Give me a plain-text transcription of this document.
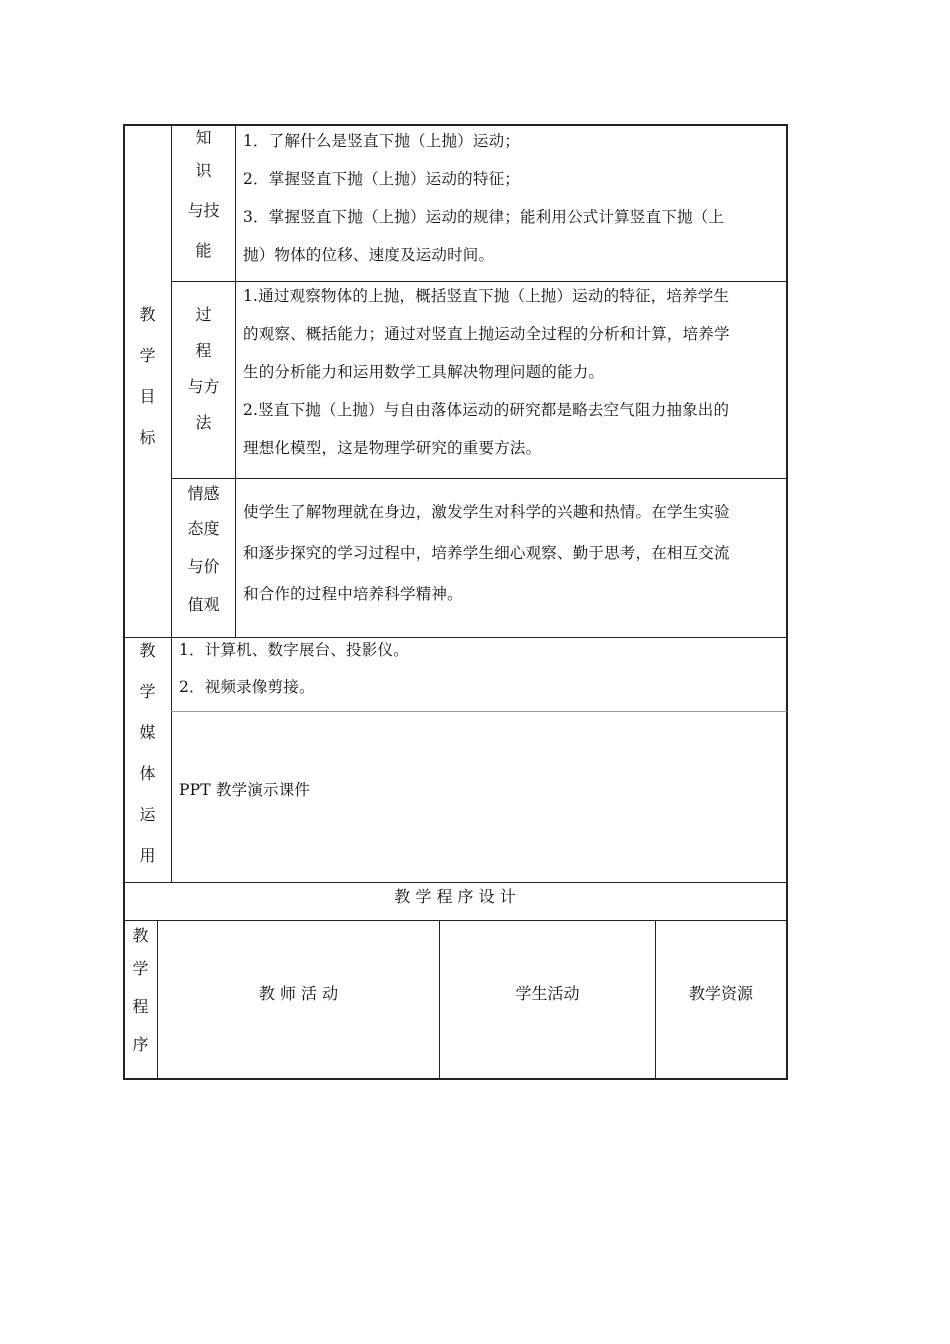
教
学
目
标
知
识
与技
能
1．了解什么是竖直下抛（上抛）运动；
2．掌握竖直下抛（上抛）运动的特征；
3．掌握竖直下抛（上抛）运动的规律；能利用公式计算竖直下抛（上
抛）物体的位移、速度及运动时间。
过
程
与方
法
1.通过观察物体的上抛，概括竖直下抛（上抛）运动的特征，培养学生
的观察、概括能力；通过对竖直上抛运动全过程的分析和计算，培养学
生的分析能力和运用数学工具解决物理问题的能力。
2.竖直下抛（上抛）与自由落体运动的研究都是略去空气阻力抽象出的
理想化模型，这是物理学研究的重要方法。
情感
态度
与价
值观
使学生了解物理就在身边，激发学生对科学的兴趣和热情。在学生实验
和逐步探究的学习过程中，培养学生细心观察、勤于思考，在相互交流
和合作的过程中培养科学精神。
教
学
媒
体
运
用
1．计算机、数字展台、投影仪。
2．视频录像剪接。
PPT 教学演示课件
教 学 程 序 设 计
教
学
程
序
教 师 活 动	学生活动	教学资源
